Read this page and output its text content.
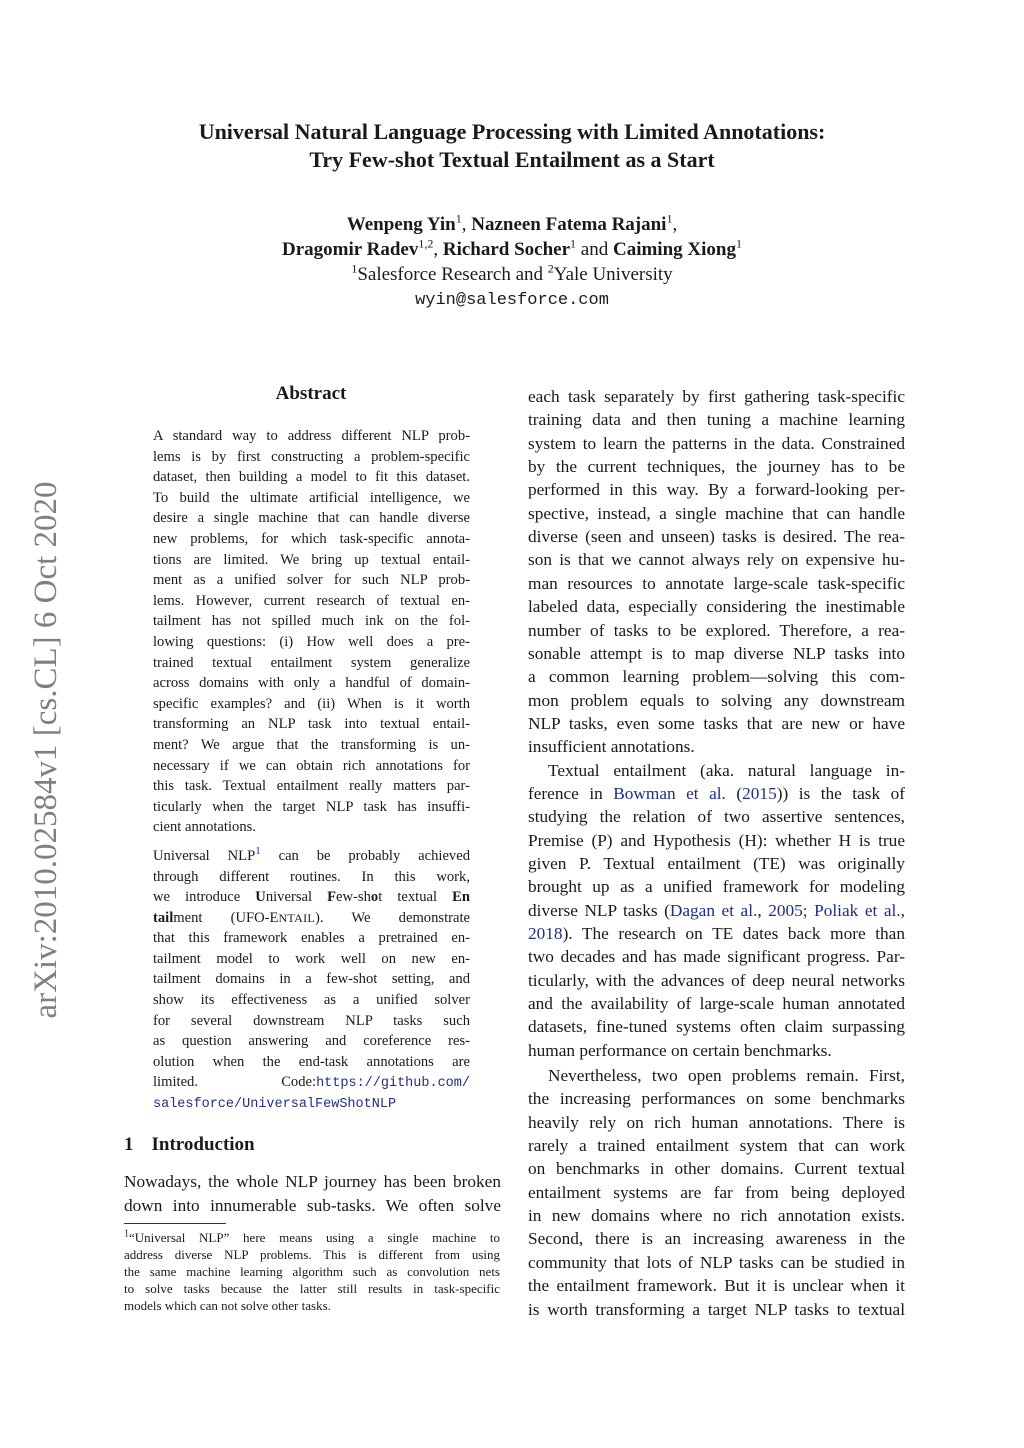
arXiv:2010.02584v1 [cs.CL] 6 Oct 2020
Universal Natural Language Processing with Limited Annotations:
Try Few-shot Textual Entailment as a Start
Wenpeng Yin$^1$, Nazneen Fatema Rajani$^1$,
Dragomir Radev$^{1,2}$, Richard Socher$^1$ and Caiming Xiong$^1$
$^1$Salesforce Research and $^2$Yale University
wyin@salesforce.com
Abstract
A standard way to address different NLP prob-
lems is by first constructing a problem-specific
dataset, then building a model to fit this dataset.
To build the ultimate artificial intelligence, we
desire a single machine that can handle diverse
new problems, for which task-specific annota-
tions are limited. We bring up textual entail-
ment as a unified solver for such NLP prob-
lems. However, current research of textual en-
tailment has not spilled much ink on the fol-
lowing questions: (i) How well does a pre-
trained textual entailment system generalize
across domains with only a handful of domain-
specific examples? and (ii) When is it worth
transforming an NLP task into textual entail-
ment? We argue that the transforming is un-
necessary if we can obtain rich annotations for
this task. Textual entailment really matters par-
ticularly when the target NLP task has insuffi-
cient annotations.
Universal NLP$^1$ can be probably achieved
through different routines. In this work,
we introduce Universal Few-shot textual En
tailment (UFO-ENTAIL). We demonstrate
that this framework enables a pretrained en-
tailment model to work well on new en-
tailment domains in a few-shot setting, and
show its effectiveness as a unified solver
for several downstream NLP tasks such
as question answering and coreference res-
olution when the end-task annotations are
limited. Code:https://github.com/
salesforce/UniversalFewShotNLP
1 Introduction
Nowadays, the whole NLP journey has been broken
down into innumerable sub-tasks. We often solve
$^1$“Universal NLP” here means using a single machine to
address diverse NLP problems. This is different from using
the same machine learning algorithm such as convolution nets
to solve tasks because the latter still results in task-specific
models which can not solve other tasks.
each task separately by first gathering task-specific
training data and then tuning a machine learning
system to learn the patterns in the data. Constrained
by the current techniques, the journey has to be
performed in this way. By a forward-looking per-
spective, instead, a single machine that can handle
diverse (seen and unseen) tasks is desired. The rea-
son is that we cannot always rely on expensive hu-
man resources to annotate large-scale task-specific
labeled data, especially considering the inestimable
number of tasks to be explored. Therefore, a rea-
sonable attempt is to map diverse NLP tasks into
a common learning problem—solving this com-
mon problem equals to solving any downstream
NLP tasks, even some tasks that are new or have
insufficient annotations.
Textual entailment (aka. natural language in-
ference in Bowman et al. (2015)) is the task of
studying the relation of two assertive sentences,
Premise (P) and Hypothesis (H): whether H is true
given P. Textual entailment (TE) was originally
brought up as a unified framework for modeling
diverse NLP tasks (Dagan et al., 2005; Poliak et al.,
2018). The research on TE dates back more than
two decades and has made significant progress. Par-
ticularly, with the advances of deep neural networks
and the availability of large-scale human annotated
datasets, fine-tuned systems often claim surpassing
human performance on certain benchmarks.
Nevertheless, two open problems remain. First,
the increasing performances on some benchmarks
heavily rely on rich human annotations. There is
rarely a trained entailment system that can work
on benchmarks in other domains. Current textual
entailment systems are far from being deployed
in new domains where no rich annotation exists.
Second, there is an increasing awareness in the
community that lots of NLP tasks can be studied in
the entailment framework. But it is unclear when it
is worth transforming a target NLP tasks to textual
